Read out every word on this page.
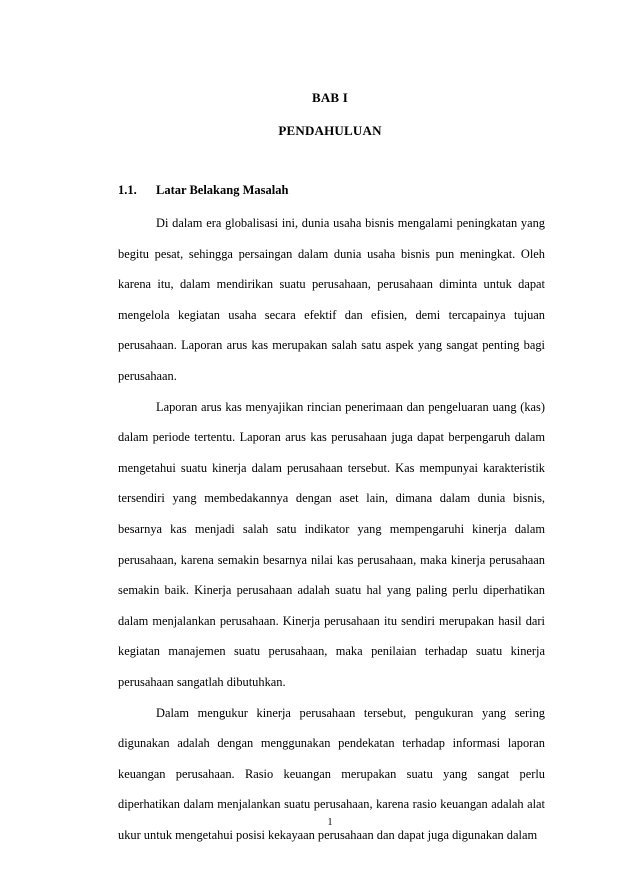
BAB I
PENDAHULUAN
1.1. Latar Belakang Masalah

Di dalam era globalisasi ini, dunia usaha bisnis mengalami peningkatan yang begitu pesat, sehingga persaingan dalam dunia usaha bisnis pun meningkat. Oleh karena itu, dalam mendirikan suatu perusahaan, perusahaan diminta untuk dapat mengelola kegiatan usaha secara efektif dan efisien, demi tercapainya tujuan perusahaan. Laporan arus kas merupakan salah satu aspek yang sangat penting bagi perusahaan.

Laporan arus kas menyajikan rincian penerimaan dan pengeluaran uang (kas) dalam periode tertentu. Laporan arus kas perusahaan juga dapat berpengaruh dalam mengetahui suatu kinerja dalam perusahaan tersebut. Kas mempunyai karakteristik tersendiri yang membedakannya dengan aset lain, dimana dalam dunia bisnis, besarnya kas menjadi salah satu indikator yang mempengaruhi kinerja dalam perusahaan, karena semakin besarnya nilai kas perusahaan, maka kinerja perusahaan semakin baik. Kinerja perusahaan adalah suatu hal yang paling perlu diperhatikan dalam menjalankan perusahaan. Kinerja perusahaan itu sendiri merupakan hasil dari kegiatan manajemen suatu perusahaan, maka penilaian terhadap suatu kinerja perusahaan sangatlah dibutuhkan.

Dalam mengukur kinerja perusahaan tersebut, pengukuran yang sering digunakan adalah dengan menggunakan pendekatan terhadap informasi laporan keuangan perusahaan. Rasio keuangan merupakan suatu yang sangat perlu diperhatikan dalam menjalankan suatu perusahaan, karena rasio keuangan adalah alat ukur untuk mengetahui posisi kekayaan perusahaan dan dapat juga digunakan dalam

1
